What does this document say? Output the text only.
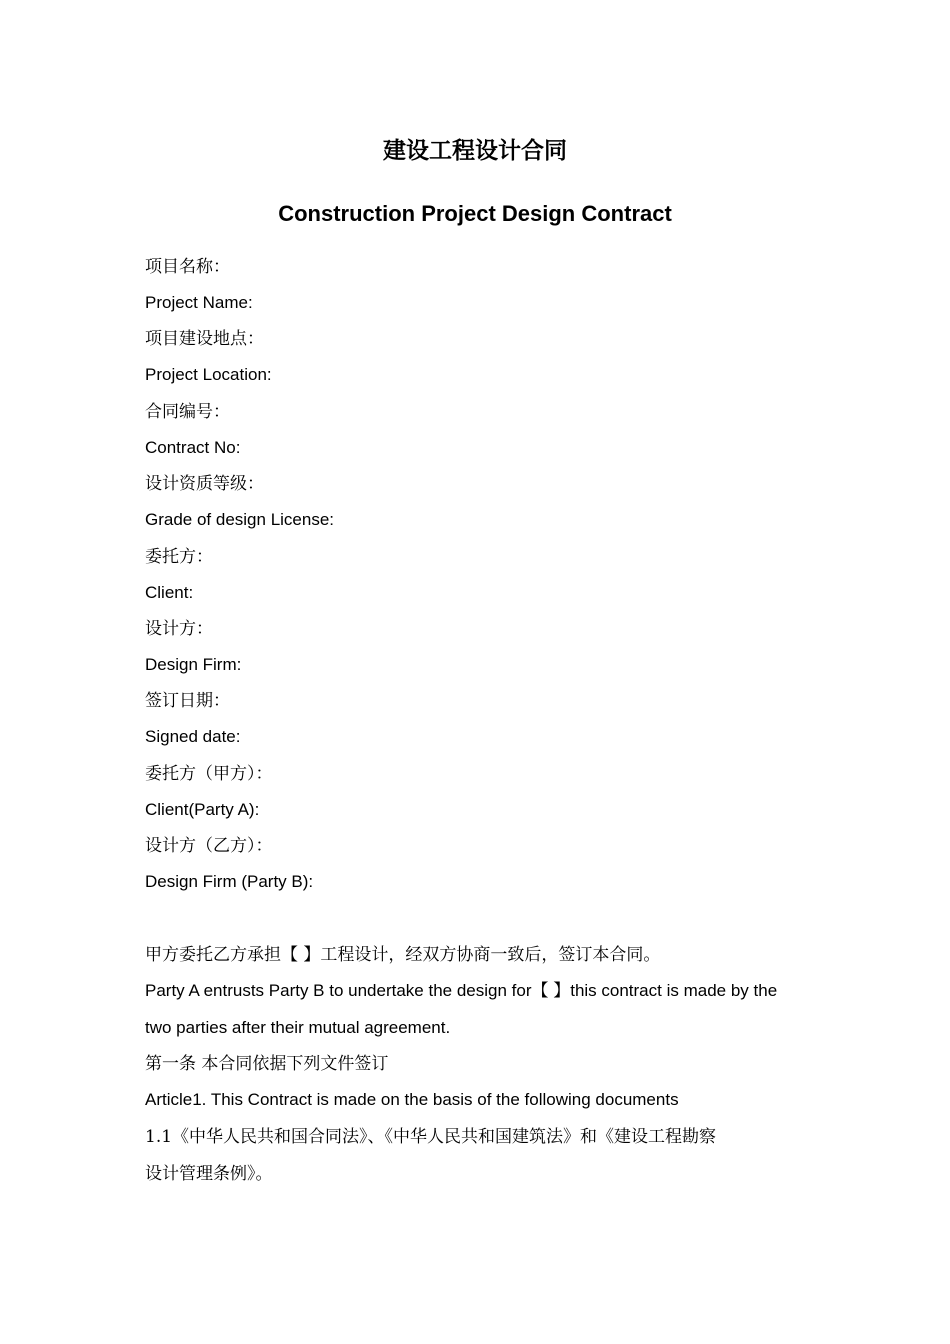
建设工程设计合同
Construction Project Design Contract
项目名称：
Project Name:
项目建设地点：
Project Location:
合同编号：
Contract No:
设计资质等级：
Grade of design License:
委托方：
Client:
设计方：
Design Firm:
签订日期：
Signed date:
委托方（甲方）：
Client(Party A):
设计方（乙方）：
Design Firm (Party B):
甲方委托乙方承担【 】工程设计，经双方协商一致后，签订本合同。
Party A entrusts Party B to undertake the design for【 】this contract is made by the
two parties after their mutual agreement.
第一条 本合同依据下列文件签订
Article1. This Contract is made on the basis of the following documents
1.1《中华人民共和国合同法》、《中华人民共和国建筑法》和《建设工程勘察
设计管理条例》。
